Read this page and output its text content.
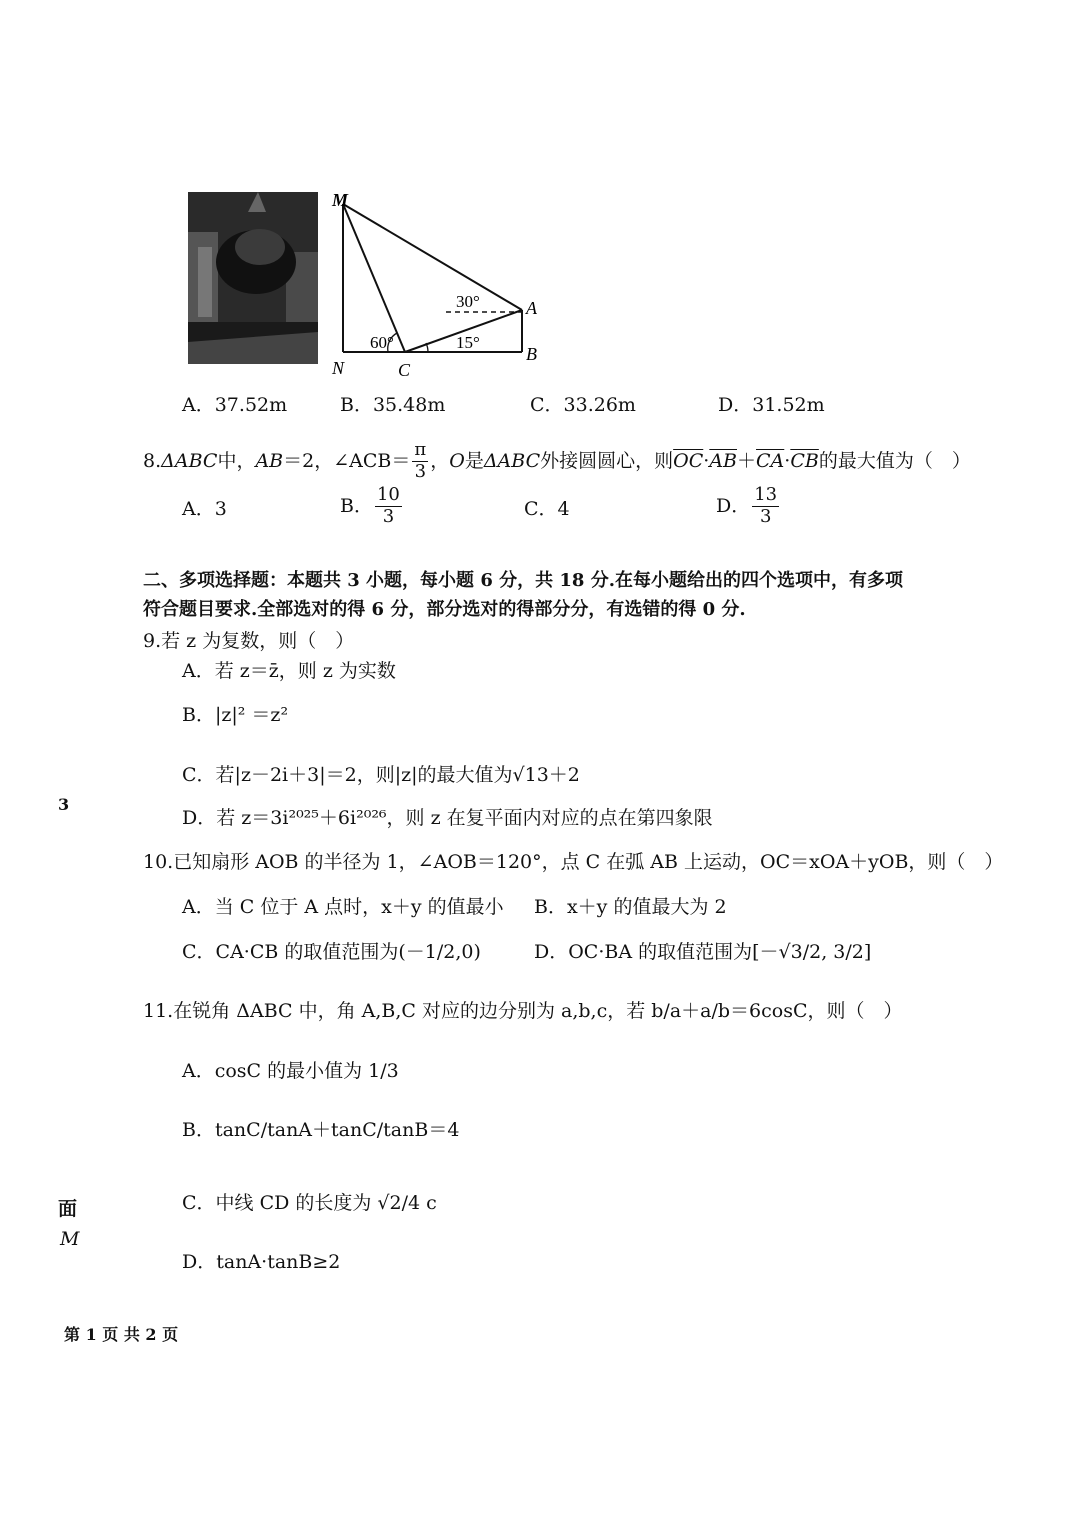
M
N	C
B
A
60°
30°
15°
A．37.52m	B．35.48m	C．33.26m	D．31.52m
8. ΔABC 中， AB ＝2，∠ACB＝ $\frac{\pi}{3}$ ， O 是 ΔABC 外接圆圆心，则 $\overline{OC} \cdot \overline{AB} + \overline{CA} \cdot \overline{CB}$ 的最大值为（　）
A．3	B． $\frac{10}{3}$	C．4	D． $\frac{13}{3}$
二、多项选择题：本题共 3 小题，每小题 6 分，共 18 分.在每小题给出的四个选项中，有多项
符合题目要求.全部选对的得 6 分，部分选对的得部分分，有选错的得 0 分.
9.若 z 为复数，则（　）
A．若 z＝z̄，则 z 为实数
B．|z|² ＝z²
C．若|z－2i＋3|＝2，则|z|的最大值为√13＋2
D．若 z＝3i²⁰²⁵＋6i²⁰²⁶，则 z 在复平面内对应的点在第四象限
10.已知扇形 AOB 的半径为 1，∠AOB＝120°，点 C 在弧 AB 上运动，OC＝xOA＋yOB，则（　）
A．当 C 位于 A 点时，x＋y 的值最小 B．x＋y 的值最大为 2
C．CA·CB 的取值范围为(－1/2,0)	D．OC·BA 的取值范围为[－√3/2, 3/2]
11.在锐角 ΔABC 中，角 A,B,C 对应的边分别为 a,b,c，若 b/a＋a/b＝6cosC，则（　）
A．cosC 的最小值为 1/3
B．tanC/tanA＋tanC/tanB＝4
C．中线 CD 的长度为 √2/4 c
D．tanA·tanB≥2
3
面
M
第 1 页 共 2 页
